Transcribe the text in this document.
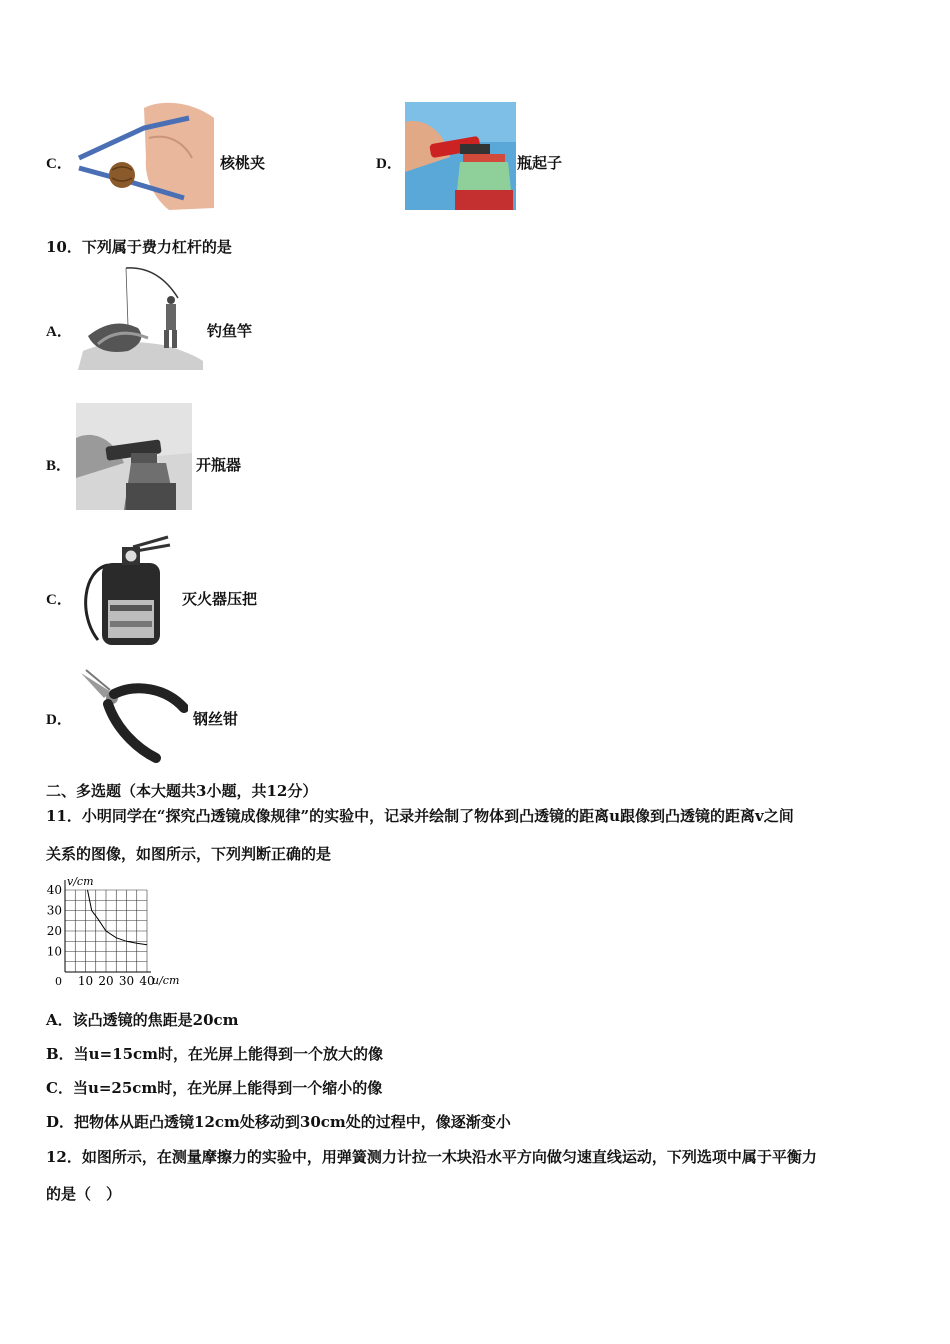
C．	核桃夹	D．	瓶起子
10．下列属于费力杠杆的是
A．	钓鱼竿
B．	开瓶器
C．	灭火器压把
D．	钢丝钳
二、多选题（本大题共3小题，共12分）
11．小明同学在“探究凸透镜成像规律”的实验中，记录并绘制了物体到凸透镜的距离u跟像到凸透镜的距离v之间
关系的图像，如图所示，下列判断正确的是
10
20
30
40
10 20 30 40
v/cm
u/cm
0
A．该凸透镜的焦距是20cm
B．当u=15cm时，在光屏上能得到一个放大的像
C．当u=25cm时，在光屏上能得到一个缩小的像
D．把物体从距凸透镜12cm处移动到30cm处的过程中，像逐渐变小
12．如图所示，在测量摩擦力的实验中，用弹簧测力计拉一木块沿水平方向做匀速直线运动，下列选项中属于平衡力
的是（　）
